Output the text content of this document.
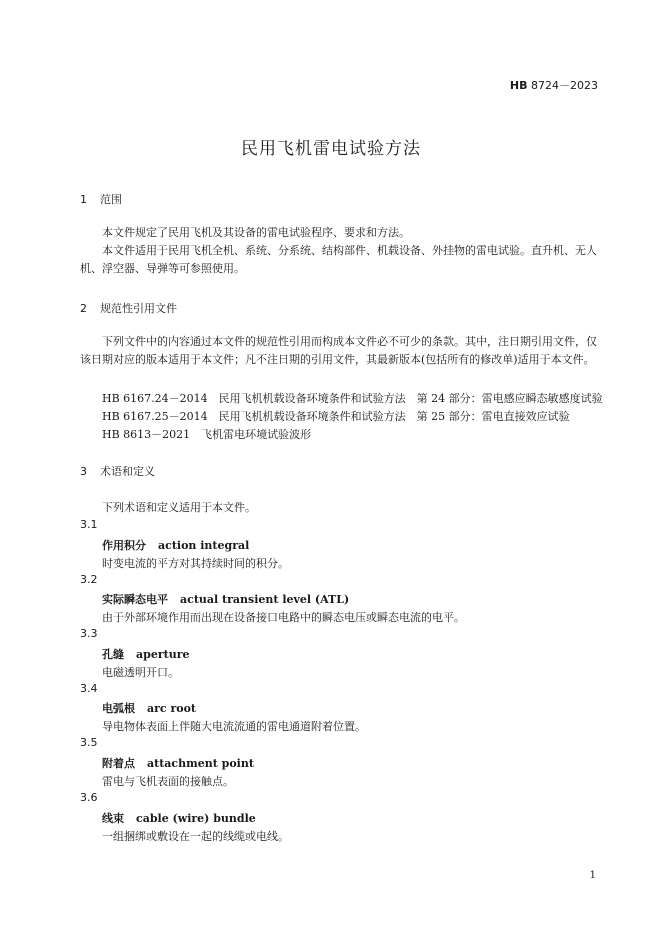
HB 8724－2023
民用飞机雷电试验方法
1 范围
本文件规定了民用飞机及其设备的雷电试验程序、要求和方法。
本文件适用于民用飞机全机、系统、分系统、结构部件、机载设备、外挂物的雷电试验。直升机、无人机、浮空器、导弹等可参照使用。
2 规范性引用文件
下列文件中的内容通过本文件的规范性引用而构成本文件必不可少的条款。其中，注日期引用文件，仅该日期对应的版本适用于本文件；凡不注日期的引用文件，其最新版本(包括所有的修改单)适用于本文件。
HB 6167.24－2014　民用飞机机载设备环境条件和试验方法　第 24 部分：雷电感应瞬态敏感度试验
HB 6167.25－2014　民用飞机机载设备环境条件和试验方法　第 25 部分：雷电直接效应试验
HB 8613－2021　飞机雷电环境试验波形
3 术语和定义
下列术语和定义适用于本文件。
3.1
作用积分 action integral
时变电流的平方对其持续时间的积分。
3.2
实际瞬态电平 actual transient level (ATL)
由于外部环境作用而出现在设备接口电路中的瞬态电压或瞬态电流的电平。
3.3
孔缝 aperture
电磁透明开口。
3.4
电弧根 arc root
导电物体表面上伴随大电流流通的雷电通道附着位置。
3.5
附着点 attachment point
雷电与飞机表面的接触点。
3.6
线束 cable (wire) bundle
一组捆绑或敷设在一起的线缆或电线。
1
